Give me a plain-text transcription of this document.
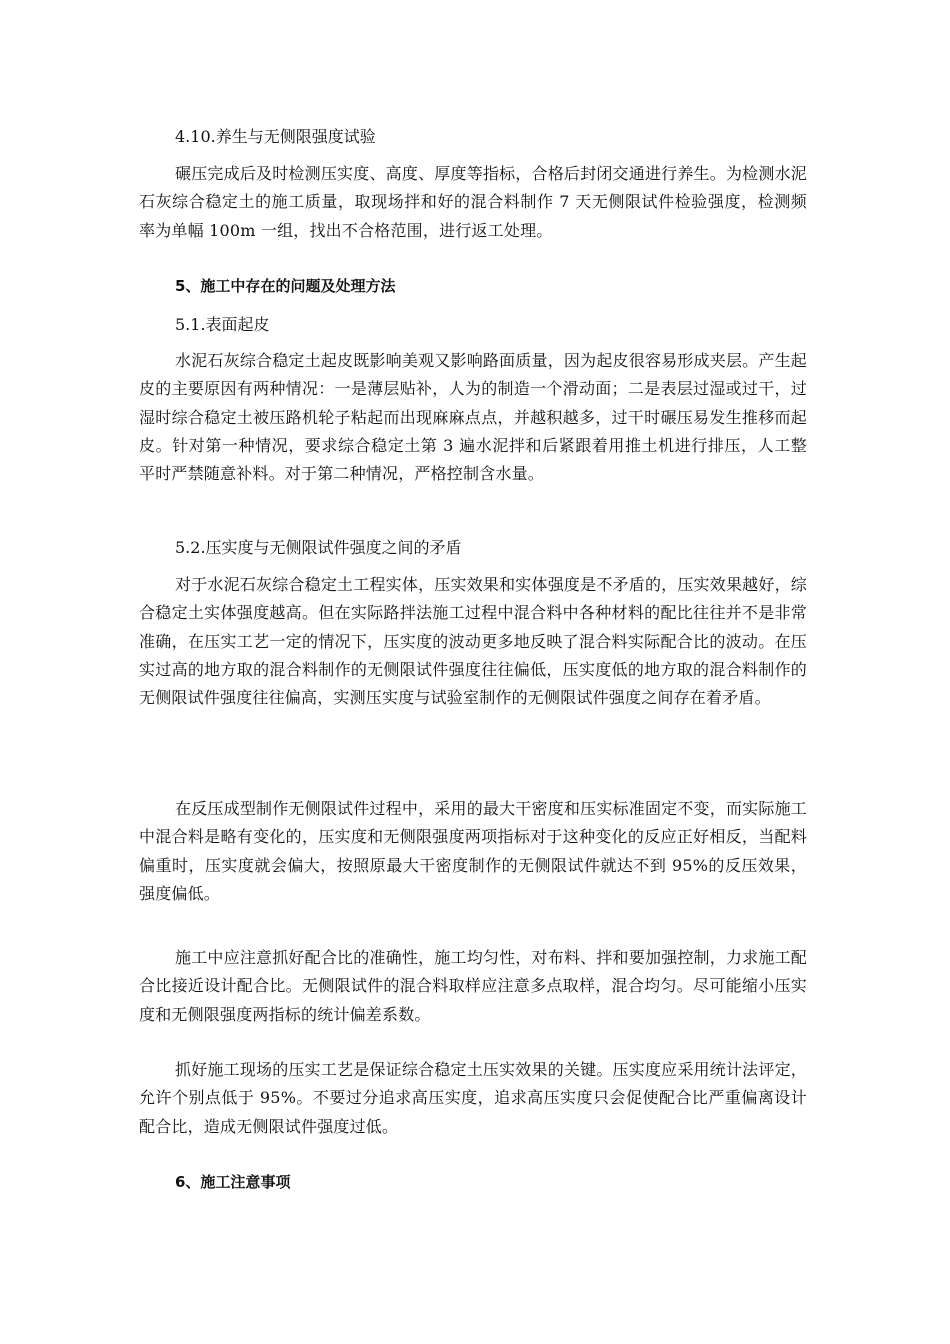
4.10.养生与无侧限强度试验

碾压完成后及时检测压实度、高度、厚度等指标，合格后封闭交通进行养生。为检测水泥石灰综合稳定土的施工质量，取现场拌和好的混合料制作 7 天无侧限试件检验强度，检测频率为单幅 100m 一组，找出不合格范围，进行返工处理。

5、施工中存在的问题及处理方法

5.1.表面起皮

水泥石灰综合稳定土起皮既影响美观又影响路面质量，因为起皮很容易形成夹层。产生起皮的主要原因有两种情况：一是薄层贴补，人为的制造一个滑动面；二是表层过湿或过干，过湿时综合稳定土被压路机轮子粘起而出现麻麻点点，并越积越多，过干时碾压易发生推移而起皮。针对第一种情况，要求综合稳定土第 3 遍水泥拌和后紧跟着用推土机进行排压，人工整平时严禁随意补料。对于第二种情况，严格控制含水量。

5.2.压实度与无侧限试件强度之间的矛盾

对于水泥石灰综合稳定土工程实体，压实效果和实体强度是不矛盾的，压实效果越好，综合稳定土实体强度越高。但在实际路拌法施工过程中混合料中各种材料的配比往往并不是非常准确，在压实工艺一定的情况下，压实度的波动更多地反映了混合料实际配合比的波动。在压实过高的地方取的混合料制作的无侧限试件强度往往偏低，压实度低的地方取的混合料制作的无侧限试件强度往往偏高，实测压实度与试验室制作的无侧限试件强度之间存在着矛盾。

在反压成型制作无侧限试件过程中，采用的最大干密度和压实标准固定不变，而实际施工中混合料是略有变化的，压实度和无侧限强度两项指标对于这种变化的反应正好相反，当配料偏重时，压实度就会偏大，按照原最大干密度制作的无侧限试件就达不到 95%的反压效果，强度偏低。

施工中应注意抓好配合比的准确性，施工均匀性，对布料、拌和要加强控制，力求施工配合比接近设计配合比。无侧限试件的混合料取样应注意多点取样，混合均匀。尽可能缩小压实度和无侧限强度两指标的统计偏差系数。

抓好施工现场的压实工艺是保证综合稳定土压实效果的关键。压实度应采用统计法评定，允许个别点低于 95%。不要过分追求高压实度，追求高压实度只会促使配合比严重偏离设计配合比，造成无侧限试件强度过低。

6、施工注意事项
